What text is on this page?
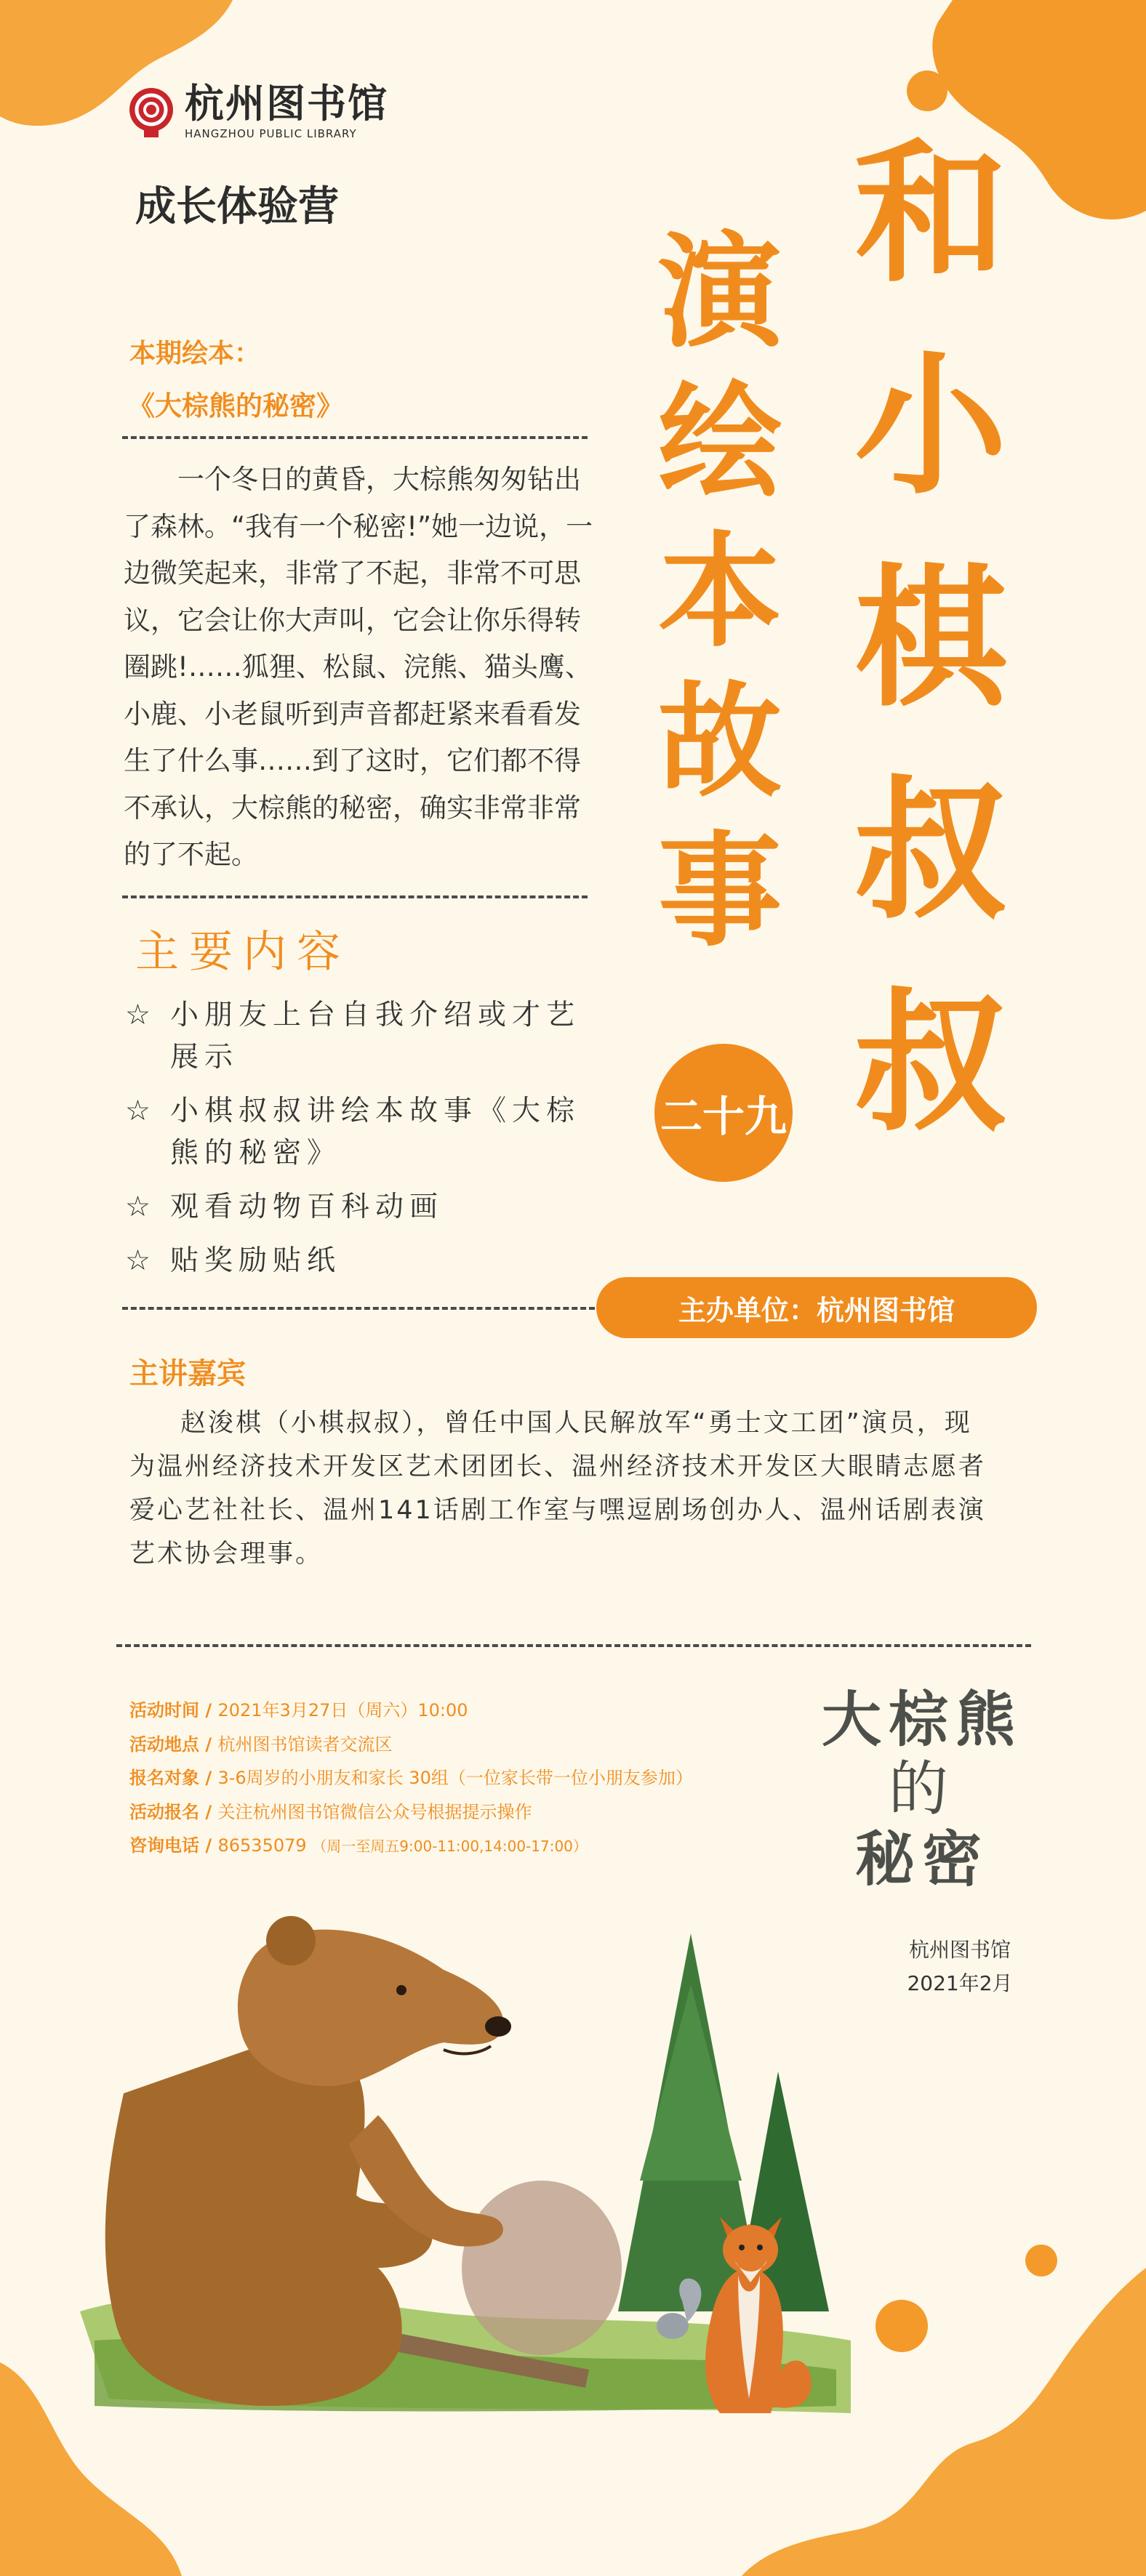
杭州图书馆
HANGZHOU PUBLIC LIBRARY
成长体验营	和
小
棋
叔
叔
演
绘
本
故
事
二十九
本期绘本：
《大棕熊的秘密》
一个冬日的黄昏，大棕熊匆匆钻出了森林。“我有一个秘密!”她一边说，一边微笑起来，非常了不起，非常不可思议，它会让你大声叫，它会让你乐得转圈跳!……狐狸、松鼠、浣熊、猫头鹰、小鹿、小老鼠听到声音都赶紧来看看发生了什么事……到了这时，它们都不得不承认，大棕熊的秘密，确实非常非常的了不起。
主要内容
☆ 小朋友上台自我介绍或才艺展示
☆ 小棋叔叔讲绘本故事《大棕熊的秘密》
☆ 观看动物百科动画
☆ 贴奖励贴纸
主办单位：杭州图书馆
主讲嘉宾
赵浚棋（小棋叔叔），曾任中国人民解放军“勇士文工团”演员，现为温州经济技术开发区艺术团团长、温州经济技术开发区大眼睛志愿者爱心艺社社长、温州141话剧工作室与嘿逗剧场创办人、温州话剧表演艺术协会理事。
活动时间 / 2021年3月27日（周六）10:00
活动地点 / 杭州图书馆读者交流区
报名对象 / 3-6周岁的小朋友和家长 30组（一位家长带一位小朋友参加）
活动报名 / 关注杭州图书馆微信公众号根据提示操作
咨询电话 / 86535079 （周一至周五9:00-11:00,14:00-17:00）
大棕熊
的
秘密
杭州图书馆
2021年2月
